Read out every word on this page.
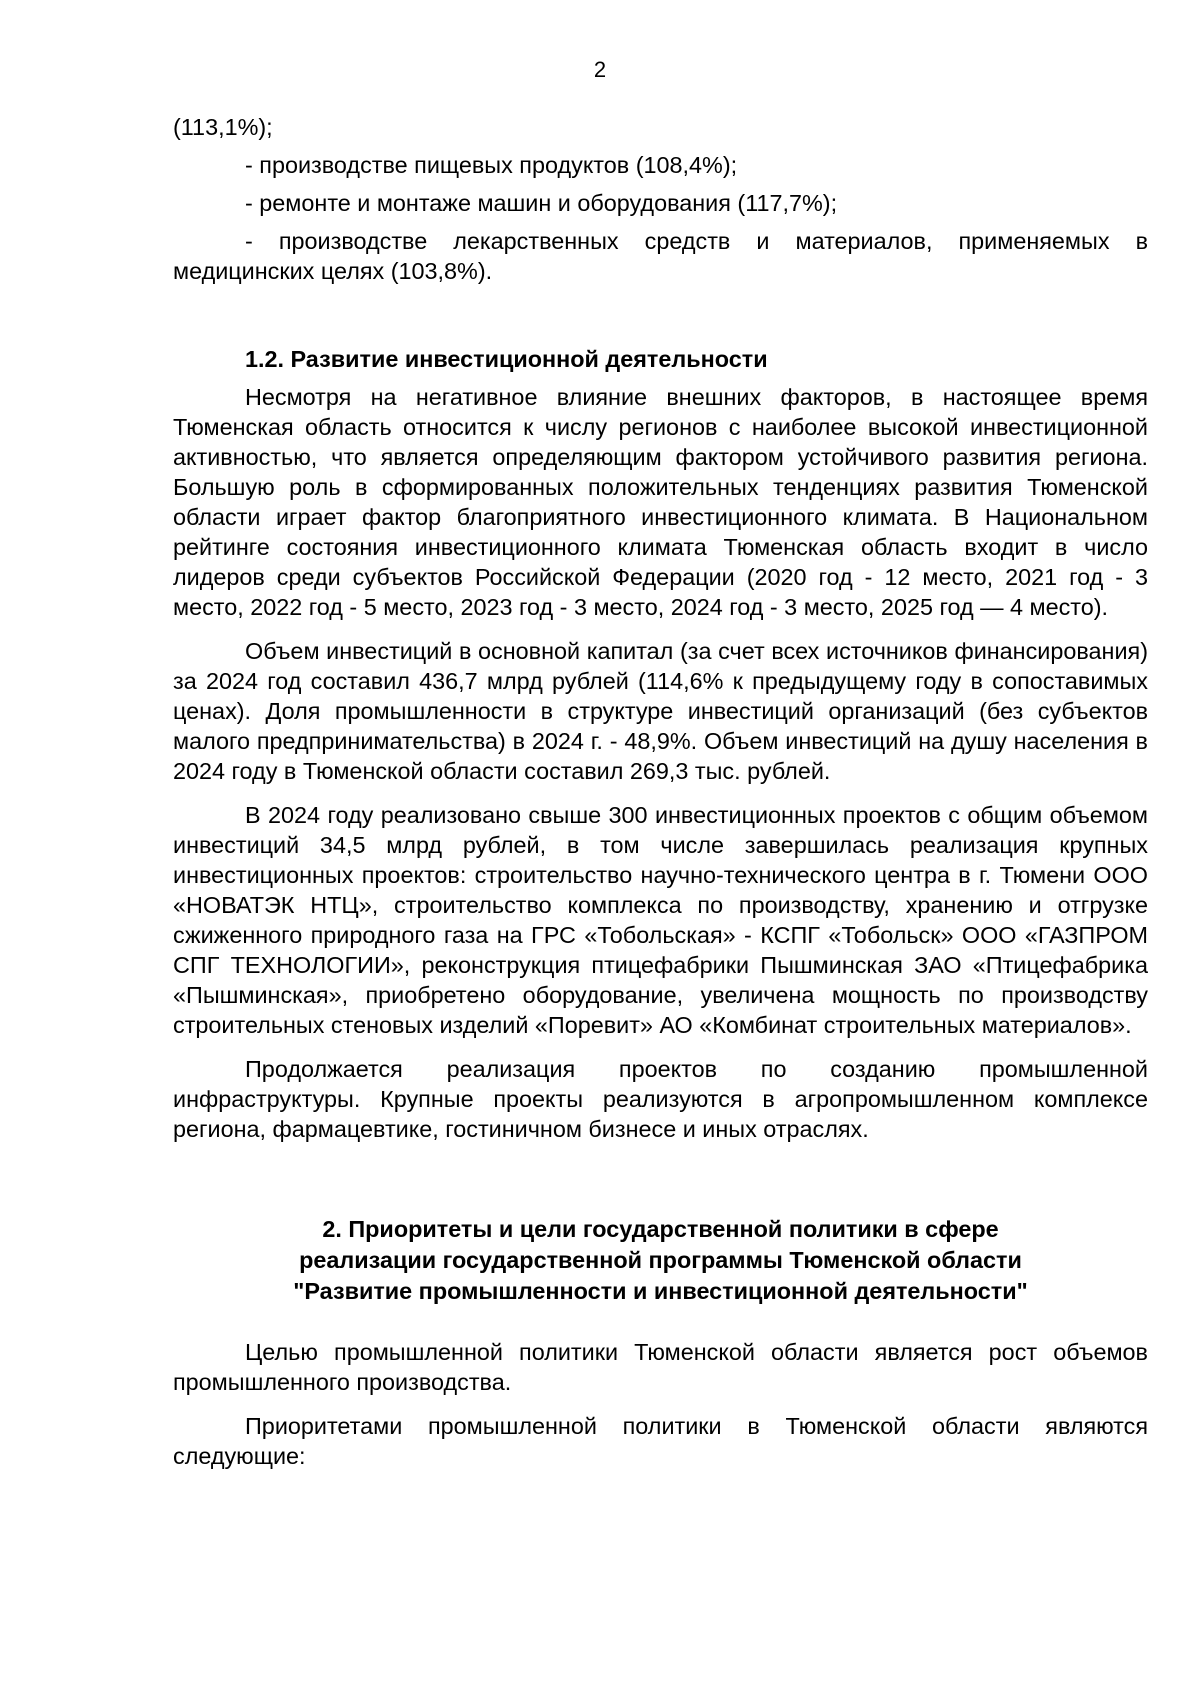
2

(113,1%);

- производстве пищевых продуктов (108,4%);

- ремонте и монтаже машин и оборудования (117,7%);

- производстве лекарственных средств и материалов, применяемых в медицинских целях (103,8%).

1.2. Развитие инвестиционной деятельности

Несмотря на негативное влияние внешних факторов, в настоящее время Тюменская область относится к числу регионов с наиболее высокой инвестиционной активностью, что является определяющим фактором устойчивого развития региона. Большую роль в сформированных положительных тенденциях развития Тюменской области играет фактор благоприятного инвестиционного климата. В Национальном рейтинге состояния инвестиционного климата Тюменская область входит в число лидеров среди субъектов Российской Федерации (2020 год - 12 место, 2021 год - 3 место, 2022 год - 5 место, 2023 год - 3 место, 2024 год - 3 место, 2025 год — 4 место).

Объем инвестиций в основной капитал (за счет всех источников финансирования) за 2024 год составил 436,7 млрд рублей (114,6% к предыдущему году в сопоставимых ценах). Доля промышленности в структуре инвестиций организаций (без субъектов малого предпринимательства) в 2024 г. - 48,9%. Объем инвестиций на душу населения в 2024 году в Тюменской области составил 269,3 тыс. рублей.

В 2024 году реализовано свыше 300 инвестиционных проектов с общим объемом инвестиций 34,5 млрд рублей, в том числе завершилась реализация крупных инвестиционных проектов: строительство научно-технического центра в г. Тюмени ООО «НОВАТЭК НТЦ», строительство комплекса по производству, хранению и отгрузке сжиженного природного газа на ГРС «Тобольская» - КСПГ «Тобольск» ООО «ГАЗПРОМ СПГ ТЕХНОЛОГИИ», реконструкция птицефабрики Пышминская ЗАО «Птицефабрика «Пышминская», приобретено оборудование, увеличена мощность по производству строительных стеновых изделий «Поревит» АО «Комбинат строительных материалов».

Продолжается реализация проектов по созданию промышленной инфраструктуры. Крупные проекты реализуются в агропромышленном комплексе региона, фармацевтике, гостиничном бизнесе и иных отраслях.

2. Приоритеты и цели государственной политики в сфере
реализации государственной программы Тюменской области
"Развитие промышленности и инвестиционной деятельности"

Целью промышленной политики Тюменской области является рост объемов промышленного производства.

Приоритетами промышленной политики в Тюменской области являются следующие:
